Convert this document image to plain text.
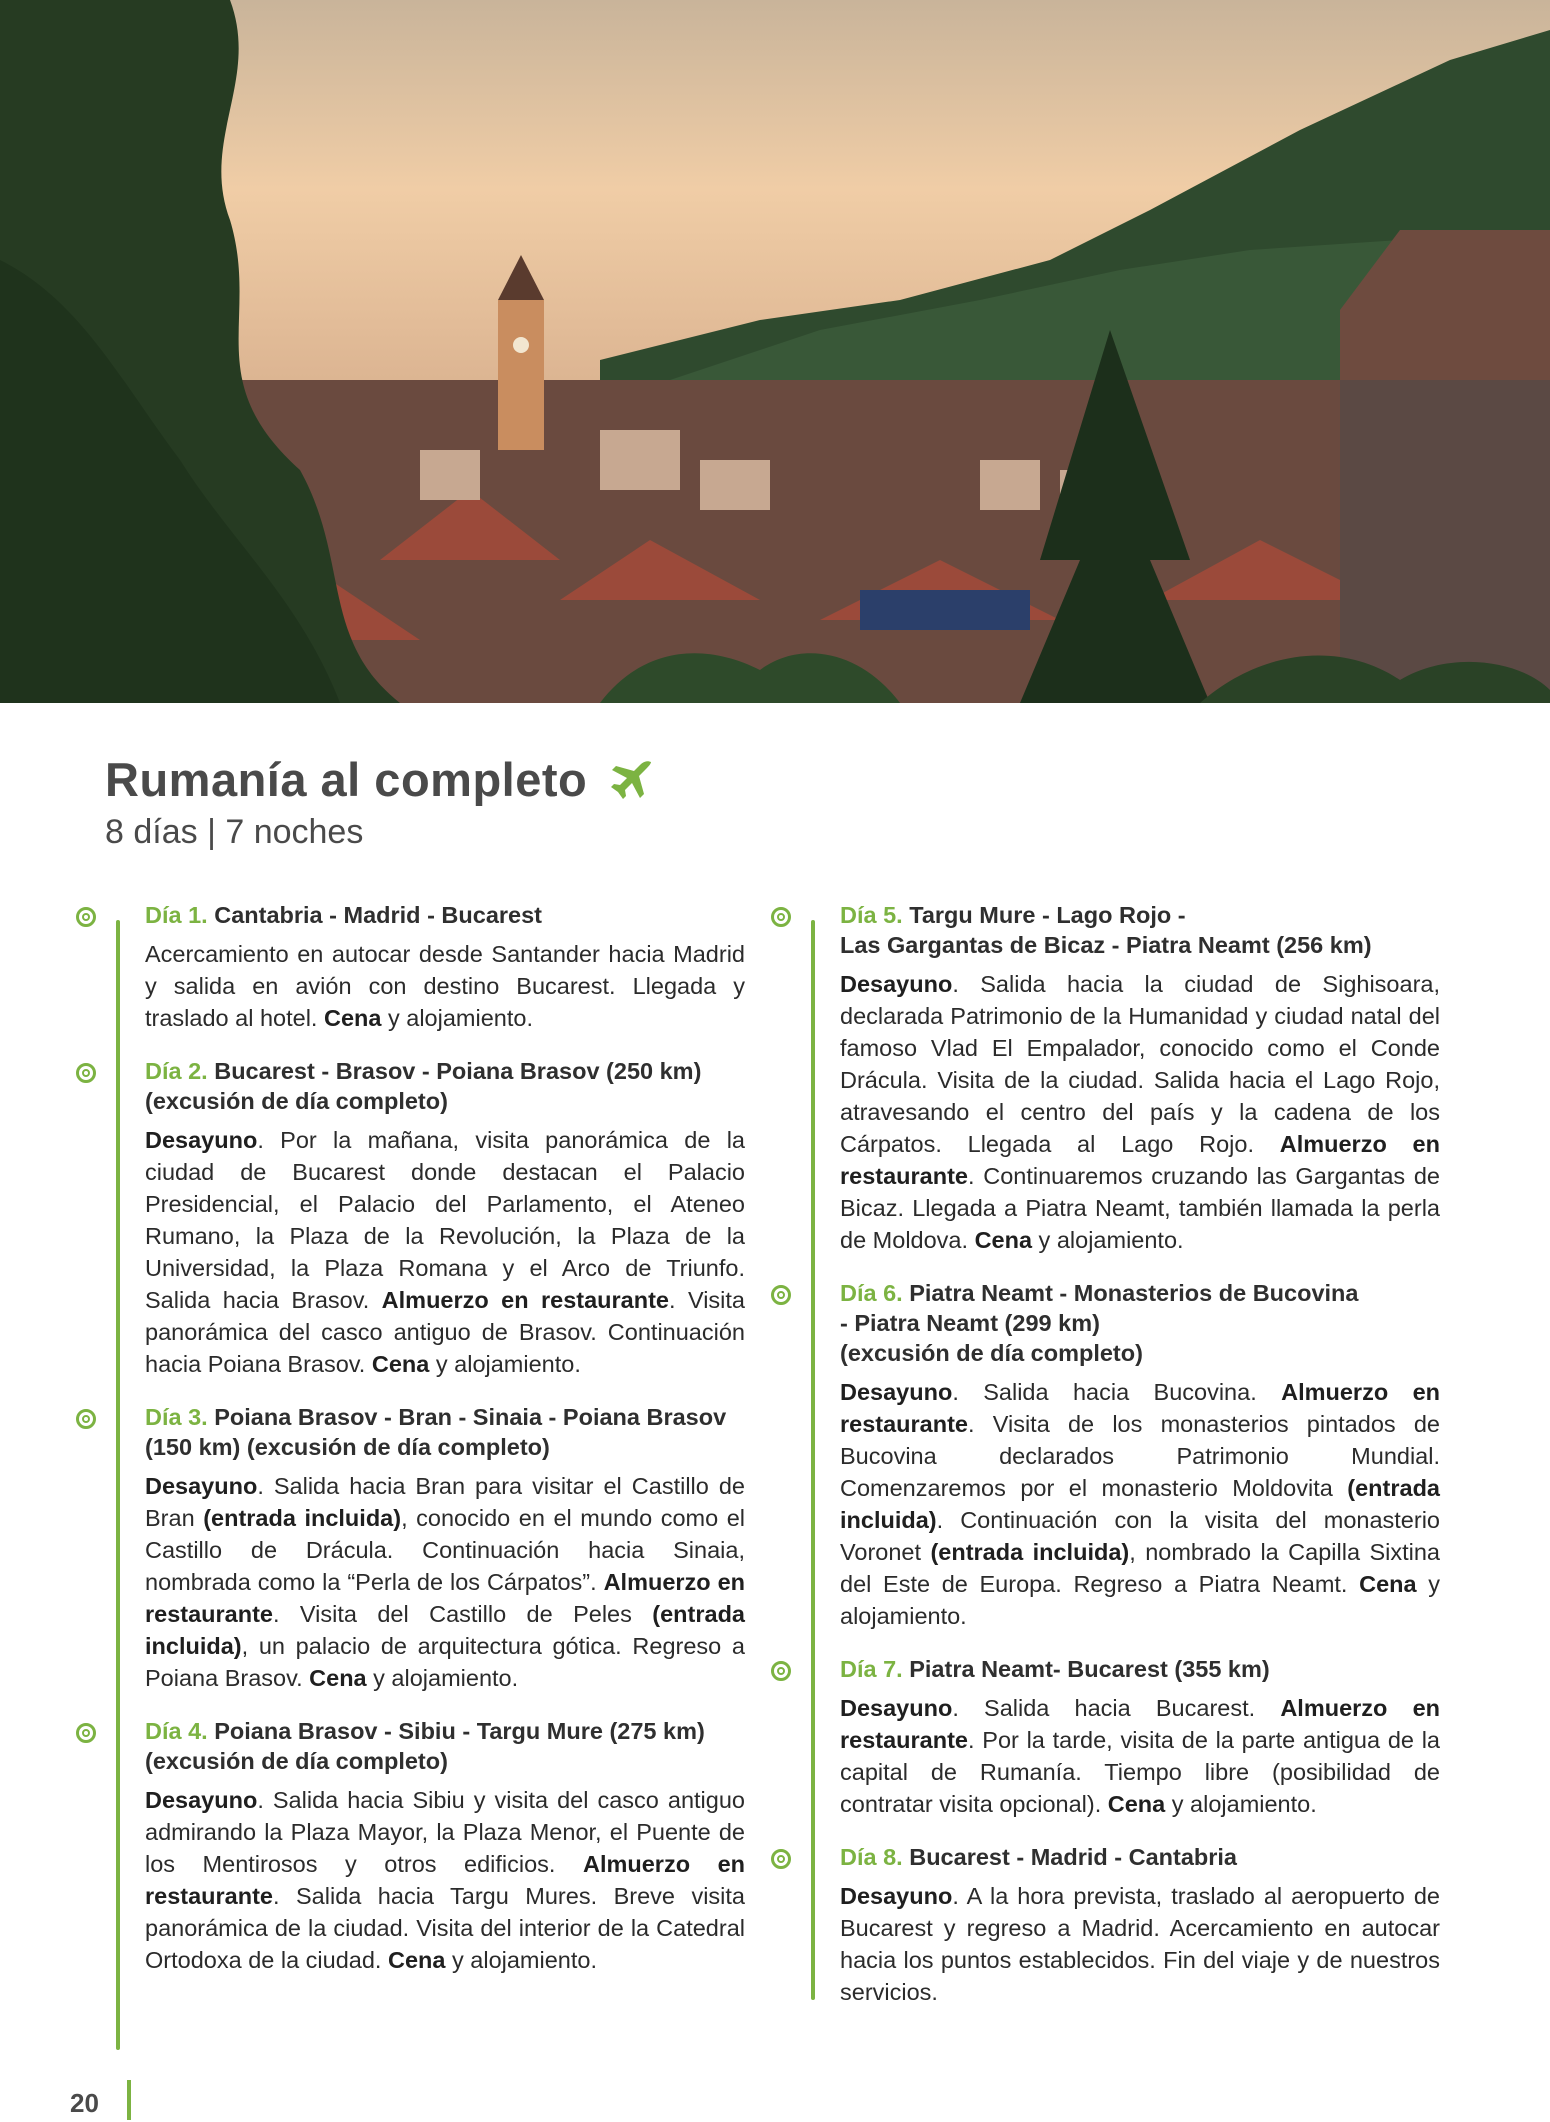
Rumanía al completo
8 días | 7 noches
Día 1. Cantabria - Madrid - Bucarest
Acercamiento en autocar desde Santander hacia Madrid y salida en avión con destino Bucarest. Llegada y traslado al hotel. Cena y alojamiento.
Día 2. Bucarest - Brasov - Poiana Brasov (250 km)
(excusión de día completo)
Desayuno. Por la mañana, visita panorámica de la ciudad de Bucarest donde destacan el Palacio Presidencial, el Palacio del Parlamento, el Ateneo Rumano, la Plaza de la Revolución, la Plaza de la Universidad, la Plaza Romana y el Arco de Triunfo. Salida hacia Brasov. Almuerzo en restaurante. Visita panorámica del casco antiguo de Brasov. Continuación hacia Poiana Brasov. Cena y alojamiento.
Día 3. Poiana Brasov - Bran - Sinaia - Poiana Brasov
(150 km) (excusión de día completo)
Desayuno. Salida hacia Bran para visitar el Castillo de Bran (entrada incluida), conocido en el mundo como el Castillo de Drácula. Continuación hacia Sinaia, nombrada como la “Perla de los Cárpatos”. Almuerzo en restaurante. Visita del Castillo de Peles (entrada incluida), un palacio de arquitectura gótica. Regreso a Poiana Brasov. Cena y alojamiento.
Día 4. Poiana Brasov - Sibiu - Targu Mure (275 km)
(excusión de día completo)
Desayuno. Salida hacia Sibiu y visita del casco antiguo admirando la Plaza Mayor, la Plaza Menor, el Puente de los Mentirosos y otros edificios. Almuerzo en restaurante. Salida hacia Targu Mures. Breve visita panorámica de la ciudad. Visita del interior de la Catedral Ortodoxa de la ciudad. Cena y alojamiento.
Día 5. Targu Mure - Lago Rojo -
Las Gargantas de Bicaz - Piatra Neamt (256 km)
Desayuno. Salida hacia la ciudad de Sighisoara, declarada Patrimonio de la Humanidad y ciudad natal del famoso Vlad El Empalador, conocido como el Conde Drácula. Visita de la ciudad. Salida hacia el Lago Rojo, atravesando el centro del país y la cadena de los Cárpatos. Llegada al Lago Rojo. Almuerzo en restaurante. Continuaremos cruzando las Gargantas de Bicaz. Llegada a Piatra Neamt, también llamada la perla de Moldova. Cena y alojamiento.
Día 6. Piatra Neamt - Monasterios de Bucovina
- Piatra Neamt (299 km)
(excusión de día completo)
Desayuno. Salida hacia Bucovina. Almuerzo en restaurante. Visita de los monasterios pintados de Bucovina declarados Patrimonio Mundial. Comenzaremos por el monasterio Moldovita (entrada incluida). Continuación con la visita del monasterio Voronet (entrada incluida), nombrado la Capilla Sixtina del Este de Europa. Regreso a Piatra Neamt. Cena y alojamiento.
Día 7. Piatra Neamt- Bucarest (355 km)
Desayuno. Salida hacia Bucarest. Almuerzo en restaurante. Por la tarde, visita de la parte antigua de la capital de Rumanía. Tiempo libre (posibilidad de contratar visita opcional). Cena y alojamiento.
Día 8. Bucarest - Madrid - Cantabria
Desayuno. A la hora prevista, traslado al aeropuerto de Bucarest y regreso a Madrid. Acercamiento en autocar hacia los puntos establecidos. Fin del viaje y de nuestros servicios.
20
